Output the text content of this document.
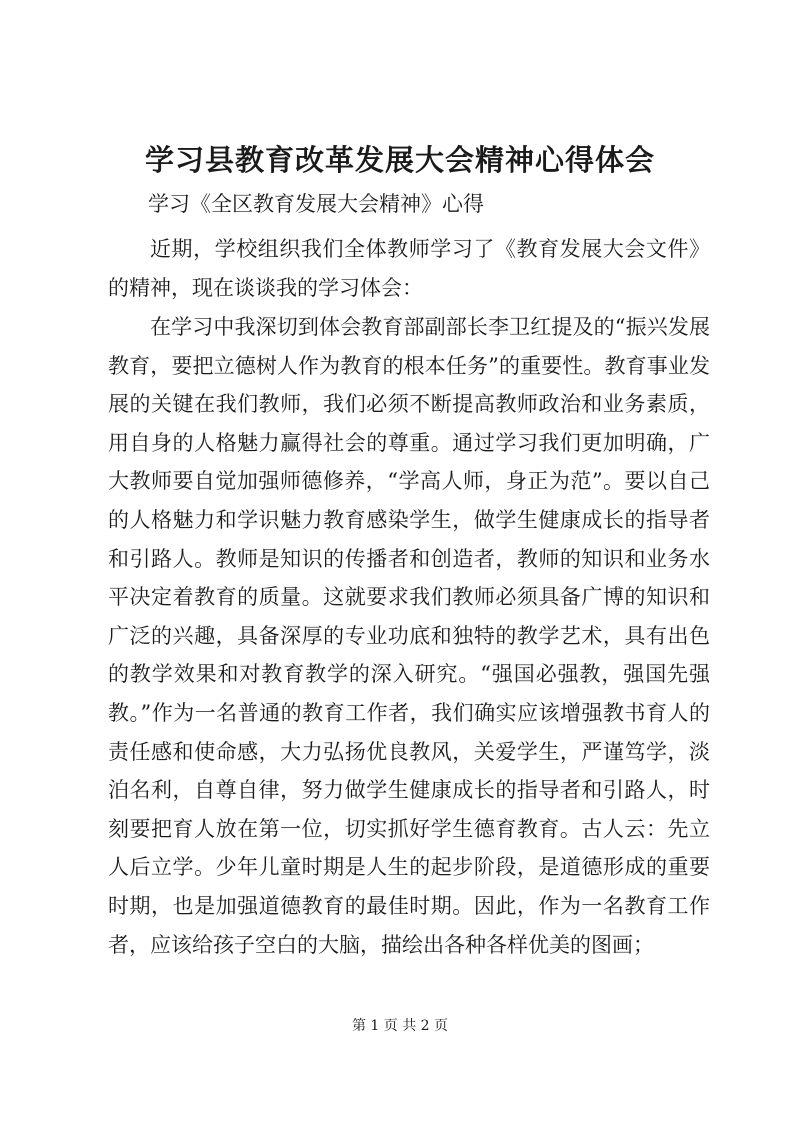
学习县教育改革发展大会精神心得体会

学习《全区教育发展大会精神》心得

近期，学校组织我们全体教师学习了《教育发展大会文件》的精神，现在谈谈我的学习体会：

在学习中我深切到体会教育部副部长李卫红提及的“振兴发展教育，要把立德树人作为教育的根本任务”的重要性。教育事业发展的关键在我们教师，我们必须不断提高教师政治和业务素质，用自身的人格魅力赢得社会的尊重。通过学习我们更加明确，广大教师要自觉加强师德修养，“学高人师，身正为范”。要以自己的人格魅力和学识魅力教育感染学生，做学生健康成长的指导者和引路人。教师是知识的传播者和创造者，教师的知识和业务水平决定着教育的质量。这就要求我们教师必须具备广博的知识和广泛的兴趣，具备深厚的专业功底和独特的教学艺术，具有出色的教学效果和对教育教学的深入研究。“强国必强教，强国先强教。”作为一名普通的教育工作者，我们确实应该增强教书育人的责任感和使命感，大力弘扬优良教风，关爱学生，严谨笃学，淡泊名利，自尊自律，努力做学生健康成长的指导者和引路人，时刻要把育人放在第一位，切实抓好学生德育教育。古人云：先立人后立学。少年儿童时期是人生的起步阶段，是道德形成的重要时期，也是加强道德教育的最佳时期。因此，作为一名教育工作者，应该给孩子空白的大脑，描绘出各种各样优美的图画；

第 1 页 共 2 页
